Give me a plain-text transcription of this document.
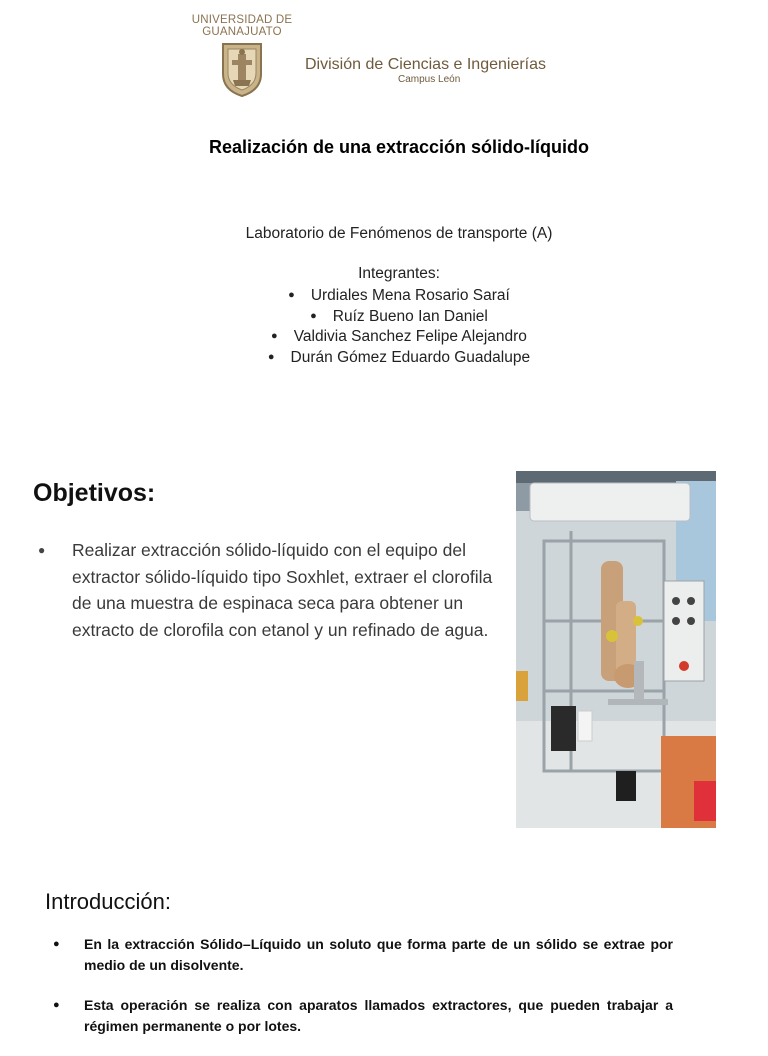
UNIVERSIDAD DE
GUANAJUATO
División de Ciencias e Ingenierías
Campus León
Realización de una extracción sólido-líquido
Laboratorio de Fenómenos de transporte (A)
Integrantes:
● Urdiales Mena Rosario Saraí
● Ruíz Bueno Ian Daniel
● Valdivia Sanchez Felipe Alejandro
● Durán Gómez Eduardo Guadalupe
Objetivos:
● Realizar extracción sólido-líquido con el equipo del extractor sólido-líquido tipo Soxhlet, extraer el clorofila de una muestra de espinaca seca para obtener un extracto de clorofila con etanol y un refinado de agua.
Introducción:
● En la extracción Sólido–Líquido un soluto que forma parte de un sólido se extrae por medio de un disolvente.
● Esta operación se realiza con aparatos llamados extractores, que pueden trabajar a régimen permanente o por lotes.
